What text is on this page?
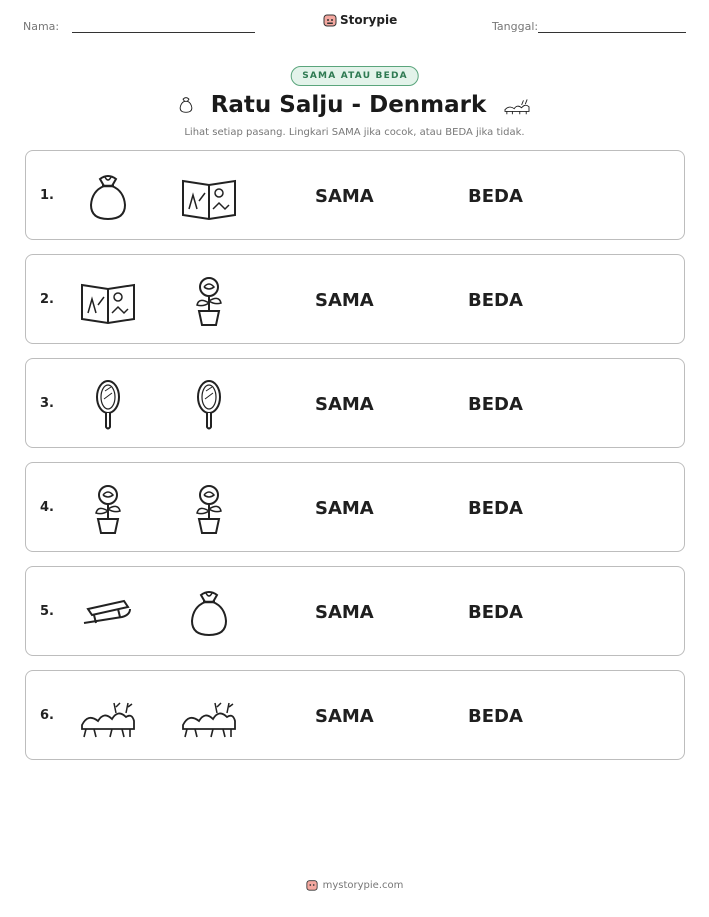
Nama:	Storypie	Tanggal:
SAMA ATAU BEDA
Ratu Salju - Denmark
Lihat setiap pasang. Lingkari SAMA jika cocok, atau BEDA jika tidak.
1.	SAMA	BEDA
2.	SAMA	BEDA
3.	SAMA	BEDA
4.	SAMA	BEDA
5.	SAMA	BEDA
6.	SAMA	BEDA
mystorypie.com
